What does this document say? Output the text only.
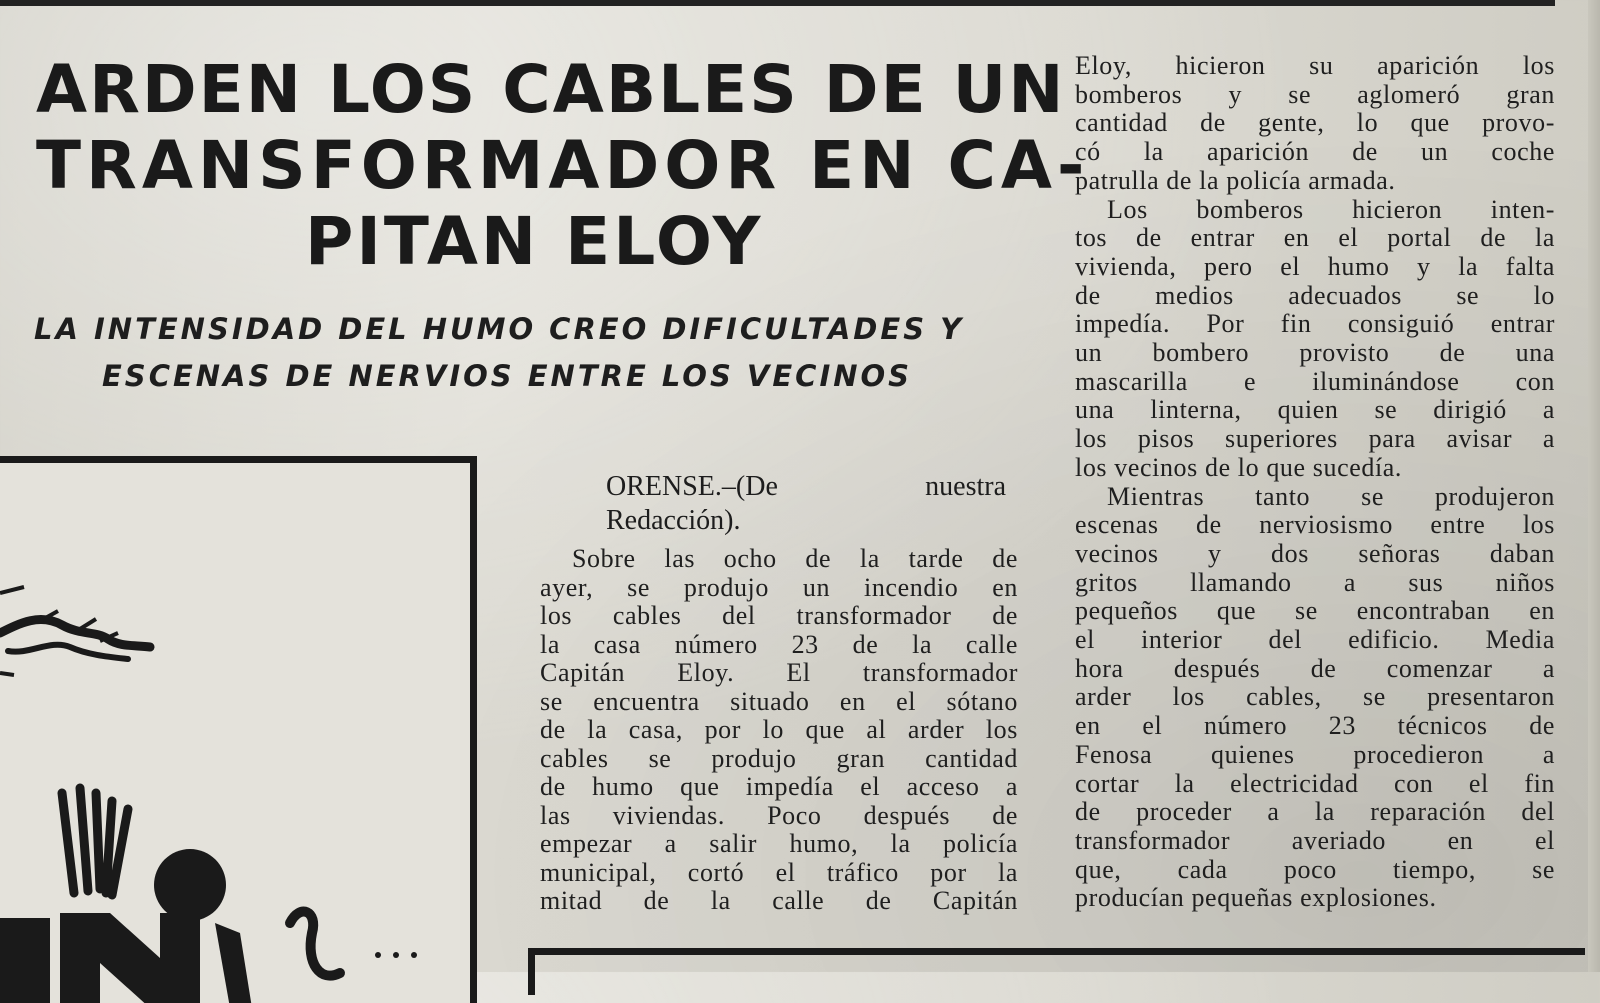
ARDEN LOS CABLES DE UN
TRANSFORMADOR EN CA-
PITAN ELOY
LA INTENSIDAD DEL HUMO CREO DIFICULTADES Y
ESCENAS DE NERVIOS ENTRE LOS VECINOS
ORENSE.–(De	nuestra
Redacción).
Sobre las ocho de la tarde de
ayer, se produjo un incendio en
los cables del transformador de
la casa número 23 de la calle
Capitán Eloy. El transformador
se encuentra situado en el sótano
de la casa, por lo que al arder los
cables se produjo gran cantidad
de humo que impedía el acceso a
las viviendas. Poco después de
empezar a salir humo, la policía
municipal, cortó el tráfico por la
mitad de la calle de Capitán
Eloy, hicieron su aparición los
bomberos y se aglomeró gran
cantidad de gente, lo que provo-
có la aparición de un coche
patrulla de la policía armada.
Los bomberos hicieron inten-
tos de entrar en el portal de la
vivienda, pero el humo y la falta
de medios adecuados se lo
impedía. Por fin consiguió entrar
un bombero provisto de una
mascarilla e iluminándose con
una linterna, quien se dirigió a
los pisos superiores para avisar a
los vecinos de lo que sucedía.
Mientras tanto se produjeron
escenas de nerviosismo entre los
vecinos y dos señoras daban
gritos llamando a sus niños
pequeños que se encontraban en
el interior del edificio. Media
hora después de comenzar a
arder los cables, se presentaron
en el número 23 técnicos de
Fenosa quienes procedieron a
cortar la electricidad con el fin
de proceder a la reparación del
transformador averiado en el
que, cada poco tiempo, se
producían pequeñas explosiones.
